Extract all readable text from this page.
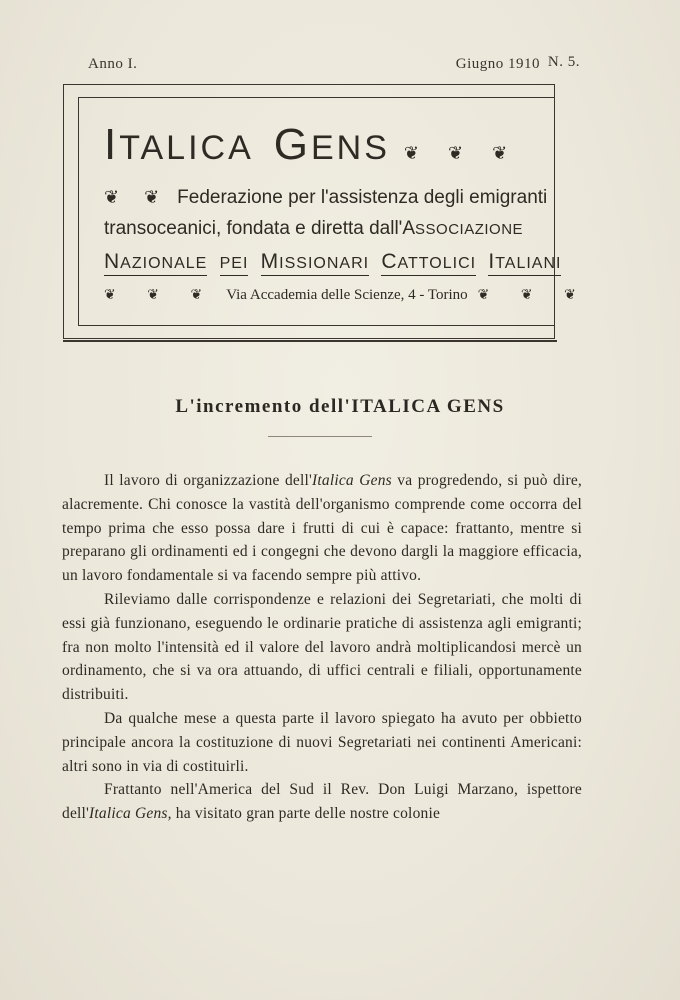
Anno I.	Giugno 1910 N. 5.
ITALICA GENS ❦ ❦ ❦
❦ ❦ Federazione per l'assistenza degli emigranti
transoceanici, fondata e diretta dall'ASSOCIAZIONE
NAZIONALE PEI MISSIONARI CATTOLICI ITALIANI
❦ ❦ ❦ Via Accademia delle Scienze, 4 - Torino ❦ ❦ ❦
L'incremento dell'ITALICA GENS

Il lavoro di organizzazione dell'Italica Gens va progredendo, si può dire, alacremente. Chi conosce la vastità dell'organismo comprende come occorra del tempo prima che esso possa dare i frutti di cui è capace: frattanto, mentre si preparano gli ordinamenti ed i congegni che devono dargli la maggiore efficacia, un lavoro fondamentale si va facendo sempre più attivo.

Rileviamo dalle corrispondenze e relazioni dei Segretariati, che molti di essi già funzionano, eseguendo le ordinarie pratiche di assistenza agli emigranti; fra non molto l'intensità ed il valore del lavoro andrà moltiplicandosi mercè un ordinamento, che si va ora attuando, di uffici centrali e filiali, opportunamente distribuiti.

Da qualche mese a questa parte il lavoro spiegato ha avuto per obbietto principale ancora la costituzione di nuovi Segretariati nei continenti Americani: altri sono in via di costituirli.

Frattanto nell'America del Sud il Rev. Don Luigi Marzano, ispettore dell'Italica Gens, ha visitato gran parte delle nostre colonie
